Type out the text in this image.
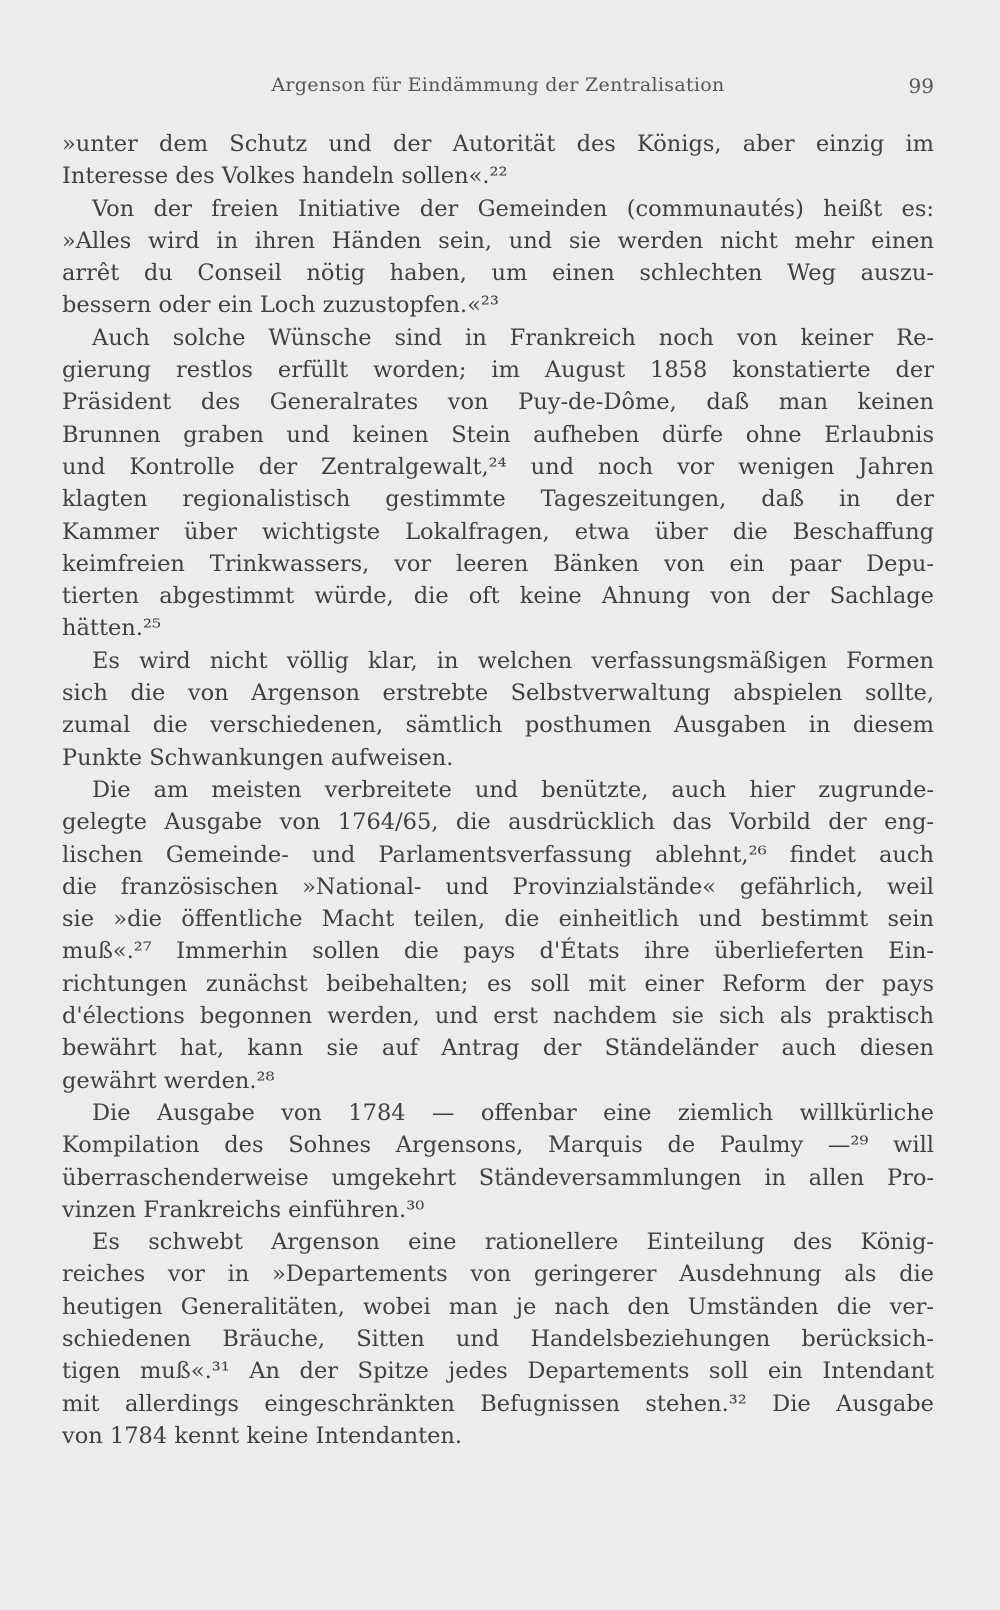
Argenson für Eindämmung der Zentralisation	99
»unter dem Schutz und der Autorität des Königs, aber einzig im
Interesse des Volkes handeln sollen«.²²
Von der freien Initiative der Gemeinden (communautés) heißt es:
»Alles wird in ihren Händen sein, und sie werden nicht mehr einen
arrêt du Conseil nötig haben, um einen schlechten Weg auszu-
bessern oder ein Loch zuzustopfen.«²³
Auch solche Wünsche sind in Frankreich noch von keiner Re-
gierung restlos erfüllt worden; im August 1858 konstatierte der
Präsident des Generalrates von Puy-de-Dôme, daß man keinen
Brunnen graben und keinen Stein aufheben dürfe ohne Erlaubnis
und Kontrolle der Zentralgewalt,²⁴ und noch vor wenigen Jahren
klagten regionalistisch gestimmte Tageszeitungen, daß in der
Kammer über wichtigste Lokalfragen, etwa über die Beschaffung
keimfreien Trinkwassers, vor leeren Bänken von ein paar Depu-
tierten abgestimmt würde, die oft keine Ahnung von der Sachlage
hätten.²⁵
Es wird nicht völlig klar, in welchen verfassungsmäßigen Formen
sich die von Argenson erstrebte Selbstverwaltung abspielen sollte,
zumal die verschiedenen, sämtlich posthumen Ausgaben in diesem
Punkte Schwankungen aufweisen.
Die am meisten verbreitete und benützte, auch hier zugrunde-
gelegte Ausgabe von 1764/65, die ausdrücklich das Vorbild der eng-
lischen Gemeinde- und Parlamentsverfassung ablehnt,²⁶ findet auch
die französischen »National- und Provinzialstände« gefährlich, weil
sie »die öffentliche Macht teilen, die einheitlich und bestimmt sein
muß«.²⁷ Immerhin sollen die pays d'États ihre überlieferten Ein-
richtungen zunächst beibehalten; es soll mit einer Reform der pays
d'élections begonnen werden, und erst nachdem sie sich als praktisch
bewährt hat, kann sie auf Antrag der Ständeländer auch diesen
gewährt werden.²⁸
Die Ausgabe von 1784 — offenbar eine ziemlich willkürliche
Kompilation des Sohnes Argensons, Marquis de Paulmy —²⁹ will
überraschenderweise umgekehrt Ständeversammlungen in allen Pro-
vinzen Frankreichs einführen.³⁰
Es schwebt Argenson eine rationellere Einteilung des König-
reiches vor in »Departements von geringerer Ausdehnung als die
heutigen Generalitäten, wobei man je nach den Umständen die ver-
schiedenen Bräuche, Sitten und Handelsbeziehungen berücksich-
tigen muß«.³¹ An der Spitze jedes Departements soll ein Intendant
mit allerdings eingeschränkten Befugnissen stehen.³² Die Ausgabe
von 1784 kennt keine Intendanten.
